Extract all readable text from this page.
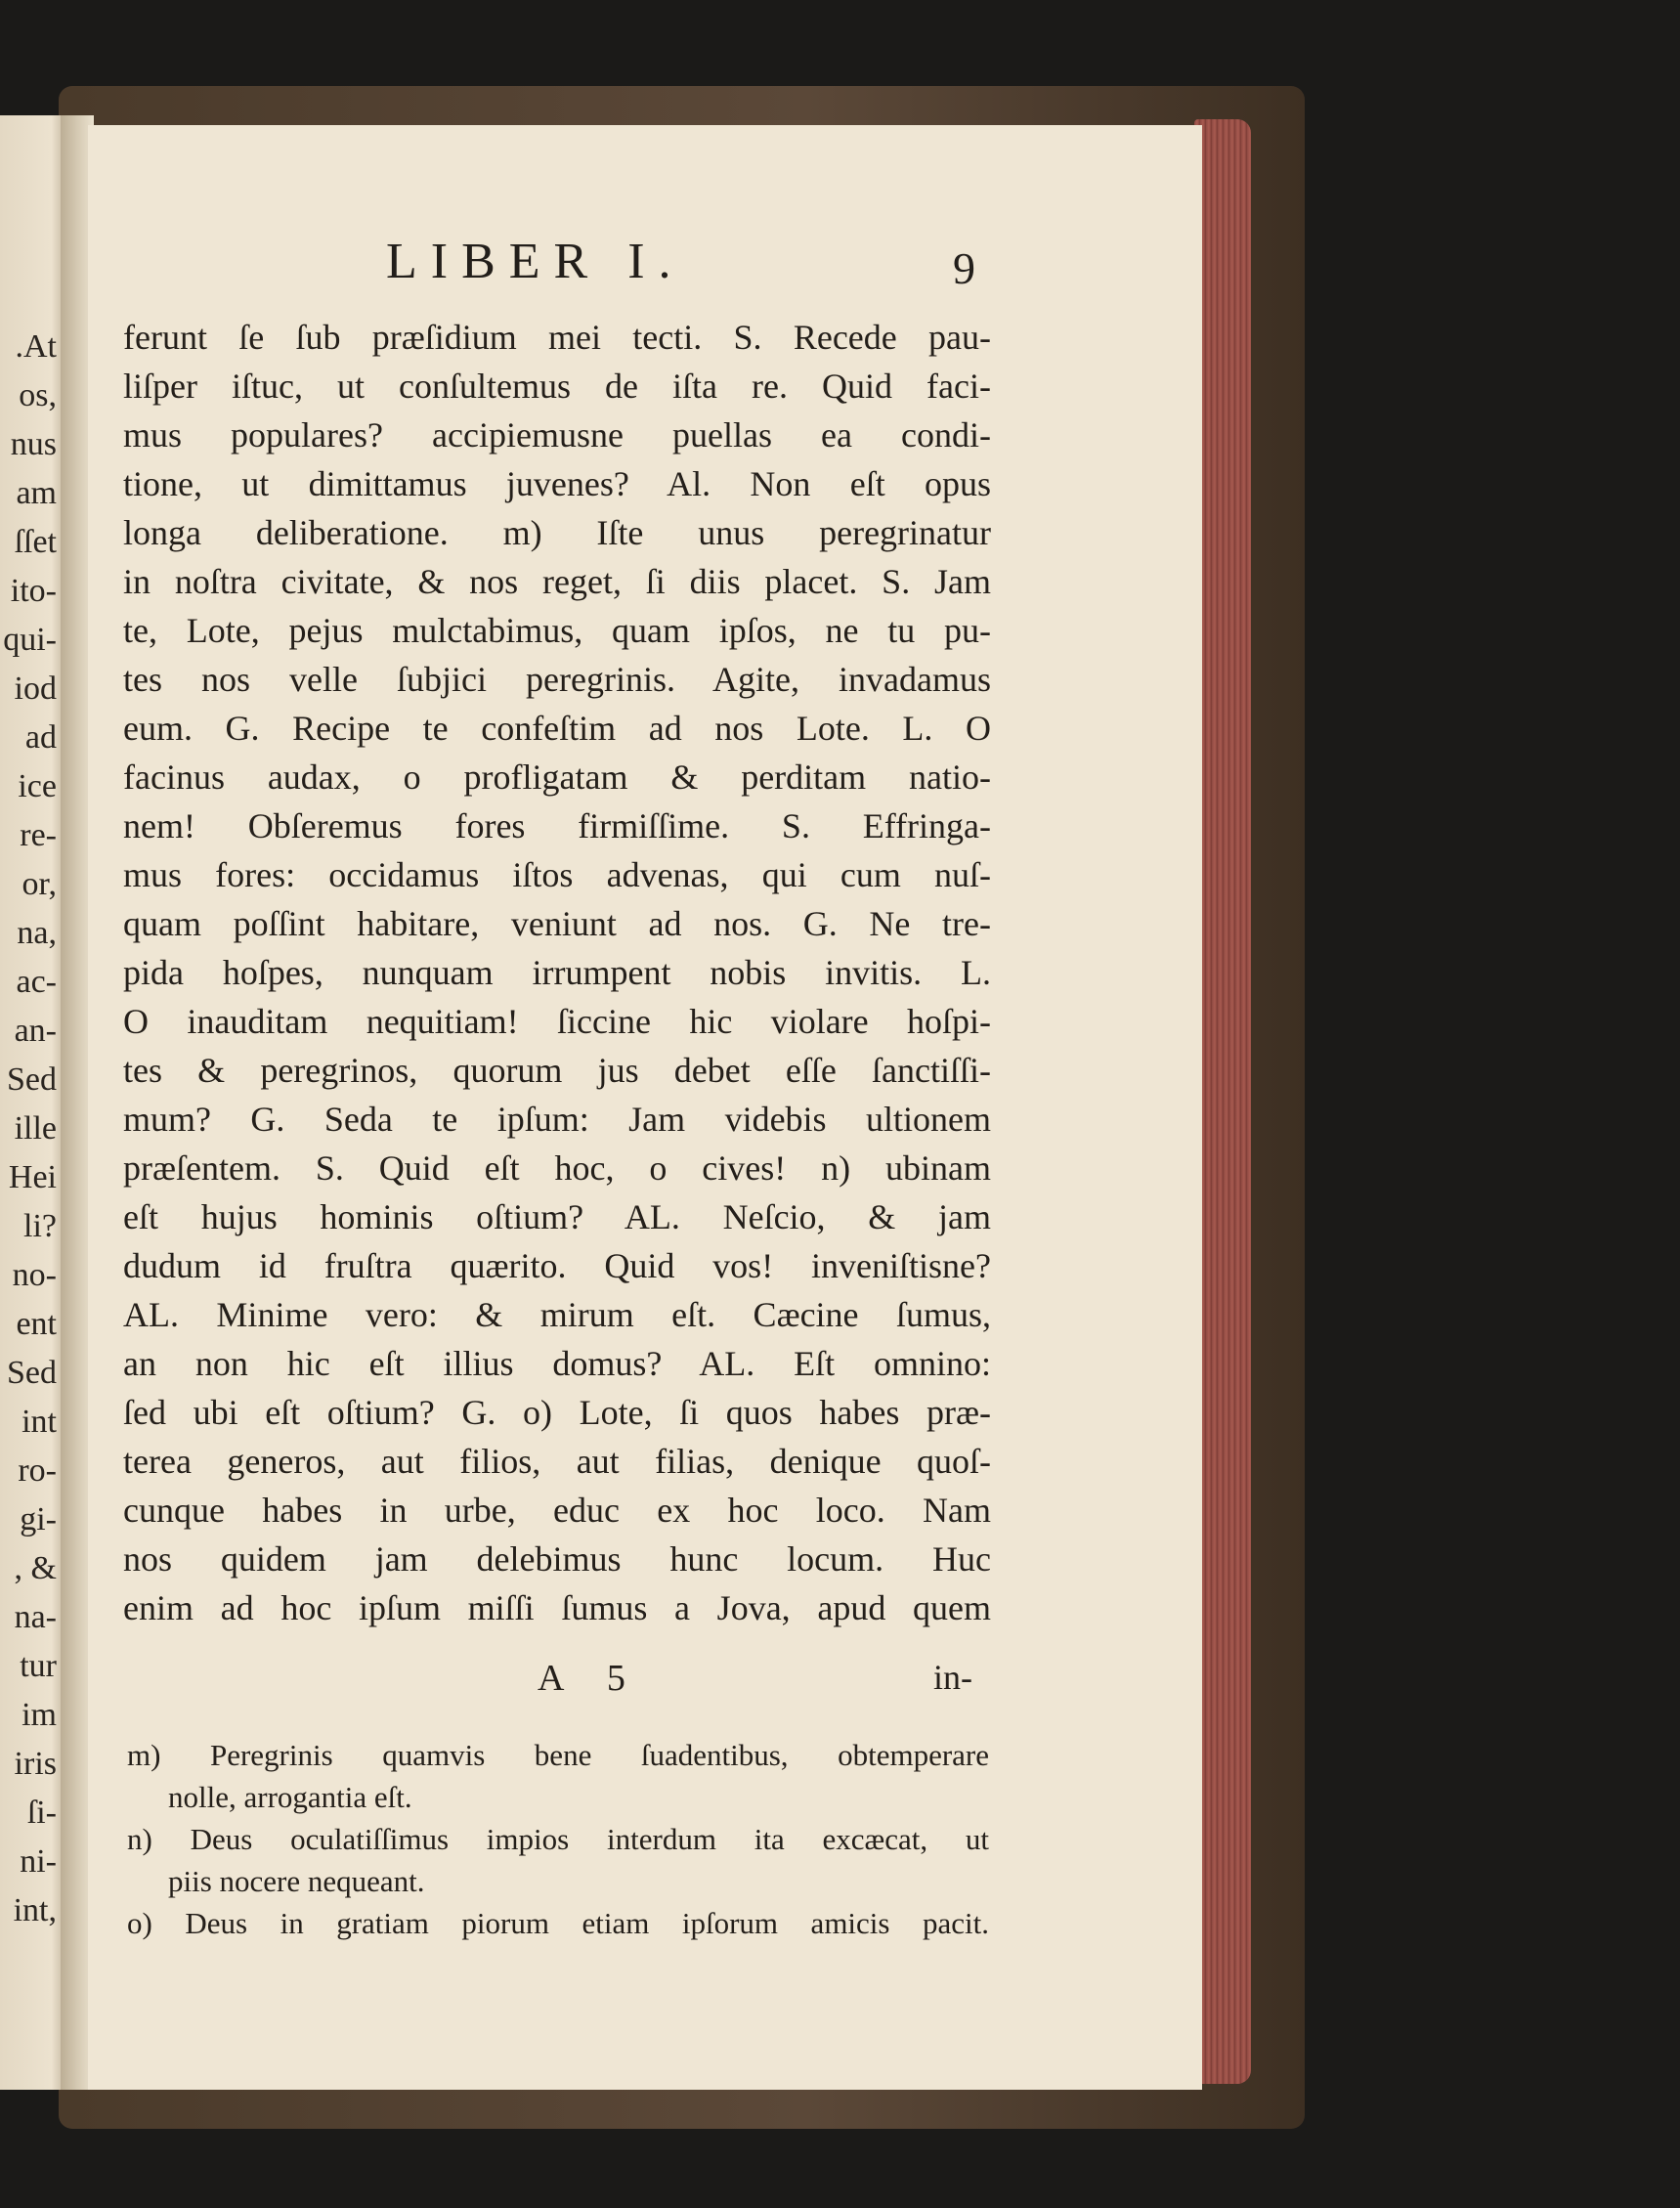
.At
os,
nus
am
ſſet
ito-
qui-
iod
ad
ice
re-
or,
na,
ac-
an-
Sed
ille
Hei
li?
no-
ent
Sed
int
ro-
gi-
, &
na-
tur
im
iris
ſi-
ni-
int,
LIBER I.	9
ferunt ſe ſub præſidium mei tecti. S. Recede pau-
liſper iſtuc, ut conſultemus de iſta re. Quid faci-
mus populares? accipiemusne puellas ea condi-
tione, ut dimittamus juvenes? Al. Non eſt opus
longa deliberatione. m) Iſte unus peregrinatur
in noſtra civitate, & nos reget, ſi diis placet. S. Jam
te, Lote, pejus mulctabimus, quam ipſos, ne tu pu-
tes nos velle ſubjici peregrinis. Agite, invadamus
eum. G. Recipe te confeſtim ad nos Lote. L. O
facinus audax, o profligatam & perditam natio-
nem! Obſeremus fores firmiſſime. S. Effringa-
mus fores: occidamus iſtos advenas, qui cum nuſ-
quam poſſint habitare, veniunt ad nos. G. Ne tre-
pida hoſpes, nunquam irrumpent nobis invitis. L.
O inauditam nequitiam! ſiccine hic violare hoſpi-
tes & peregrinos, quorum jus debet eſſe ſanctiſſi-
mum? G. Seda te ipſum: Jam videbis ultionem
præſentem. S. Quid eſt hoc, o cives! n) ubinam
eſt hujus hominis oſtium? AL. Neſcio, & jam
dudum id fruſtra quærito. Quid vos! inveniſtisne?
AL. Minime vero: & mirum eſt. Cæcine ſumus,
an non hic eſt illius domus? AL. Eſt omnino:
ſed ubi eſt oſtium? G. o) Lote, ſi quos habes præ-
terea generos, aut filios, aut filias, denique quoſ-
cunque habes in urbe, educ ex hoc loco. Nam
nos quidem jam delebimus hunc locum. Huc
enim ad hoc ipſum miſſi ſumus a Jova, apud quem
A 5	in-
m) Peregrinis quamvis bene ſuadentibus, obtemperare
nolle, arrogantia eſt.
n) Deus oculatiſſimus impios interdum ita excæcat, ut
piis nocere nequeant.
o) Deus in gratiam piorum etiam ipſorum amicis pacit.
